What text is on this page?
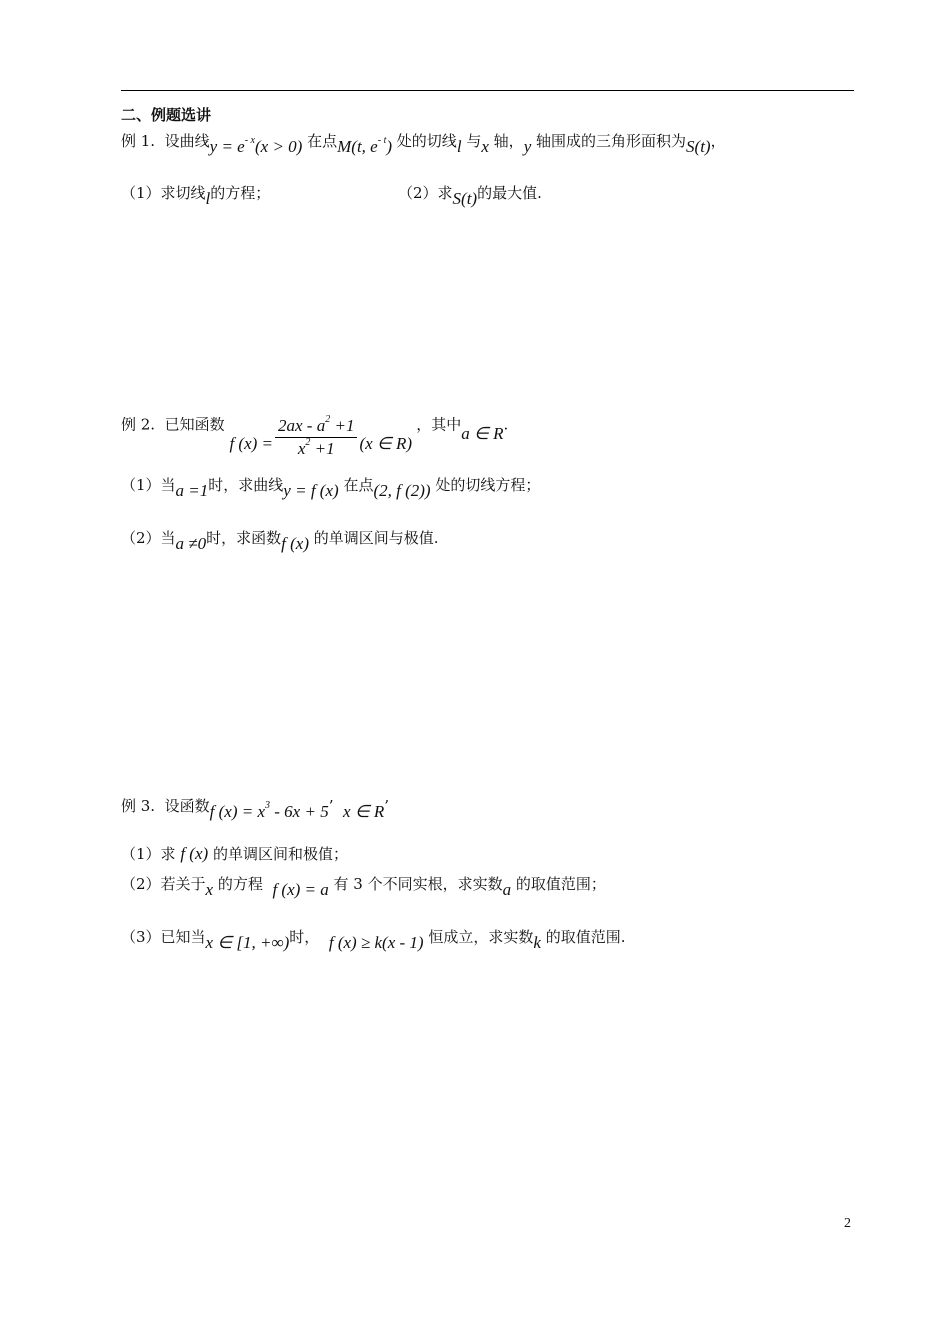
二、例题选讲
例 1. 设曲线$y = e^{- x}(x > 0)$ 在点M(t, $e^{- t}$) 处的切线l 与x 轴，y 轴围成的三角形面积为S(t)，
（1）求切线l的方程；	（2）求S(t)的最大值.
例 2. 已知函数 f $(x) = \frac{2ax - a^2 +1}{x^2 +1} (x$ ∈ R) ，其中a ∈ R.
（1）当a =1时，求曲线y = f (x) 在点(2, f (2)) 处的切线方程；
（2）当a ≠0时，求函数f (x) 的单调区间与极值.
例 3. 设函数f $(x) = x^3 - 6x + 5$’ x ∈ R’
（1）求 f (x) 的单调区间和极值；
（2）若关于x 的方程 f (x) = a 有 3 个不同实根，求实数a 的取值范围；
（3）已知当x ∈ [1, +∞)时， f (x) ≥ k(x - 1) 恒成立，求实数k 的取值范围.
2
